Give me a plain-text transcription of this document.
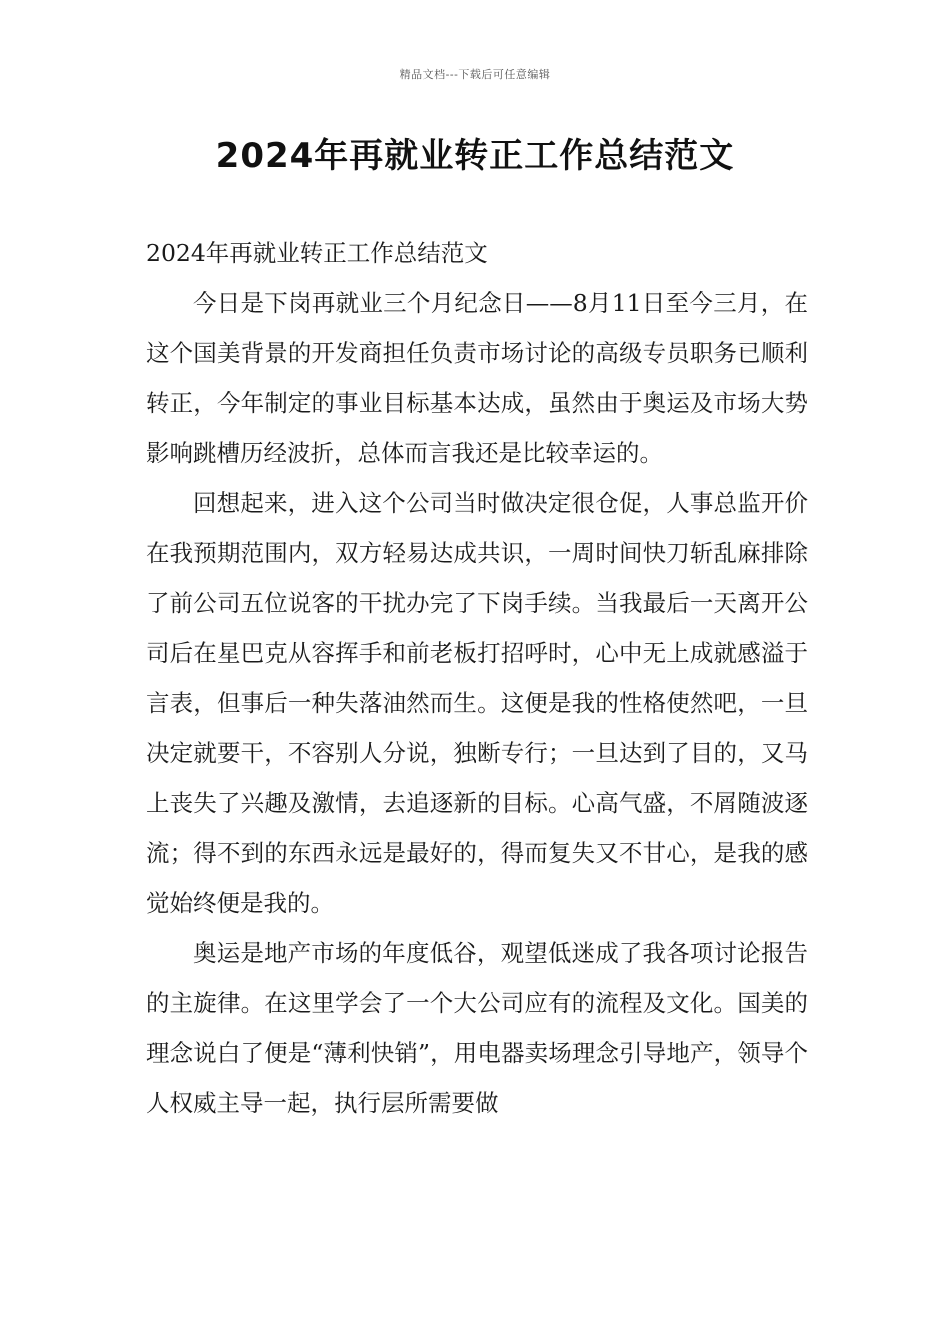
精品文档---下载后可任意编辑
2024年再就业转正工作总结范文

2024年再就业转正工作总结范文

今日是下岗再就业三个月纪念日——8月11日至今三月，在这个国美背景的开发商担任负责市场讨论的高级专员职务已顺利转正，今年制定的事业目标基本达成，虽然由于奥运及市场大势影响跳槽历经波折，总体而言我还是比较幸运的。

回想起来，进入这个公司当时做决定很仓促，人事总监开价在我预期范围内，双方轻易达成共识，一周时间快刀斩乱麻排除了前公司五位说客的干扰办完了下岗手续。当我最后一天离开公司后在星巴克从容挥手和前老板打招呼时，心中无上成就感溢于言表，但事后一种失落油然而生。这便是我的性格使然吧，一旦决定就要干，不容别人分说，独断专行；一旦达到了目的，又马上丧失了兴趣及激情，去追逐新的目标。心高气盛，不屑随波逐流；得不到的东西永远是最好的，得而复失又不甘心，是我的感觉始终便是我的。

奥运是地产市场的年度低谷，观望低迷成了我各项讨论报告的主旋律。在这里学会了一个大公司应有的流程及文化。国美的理念说白了便是“薄利快销”，用电器卖场理念引导地产，领导个人权威主导一起，执行层所需要做
